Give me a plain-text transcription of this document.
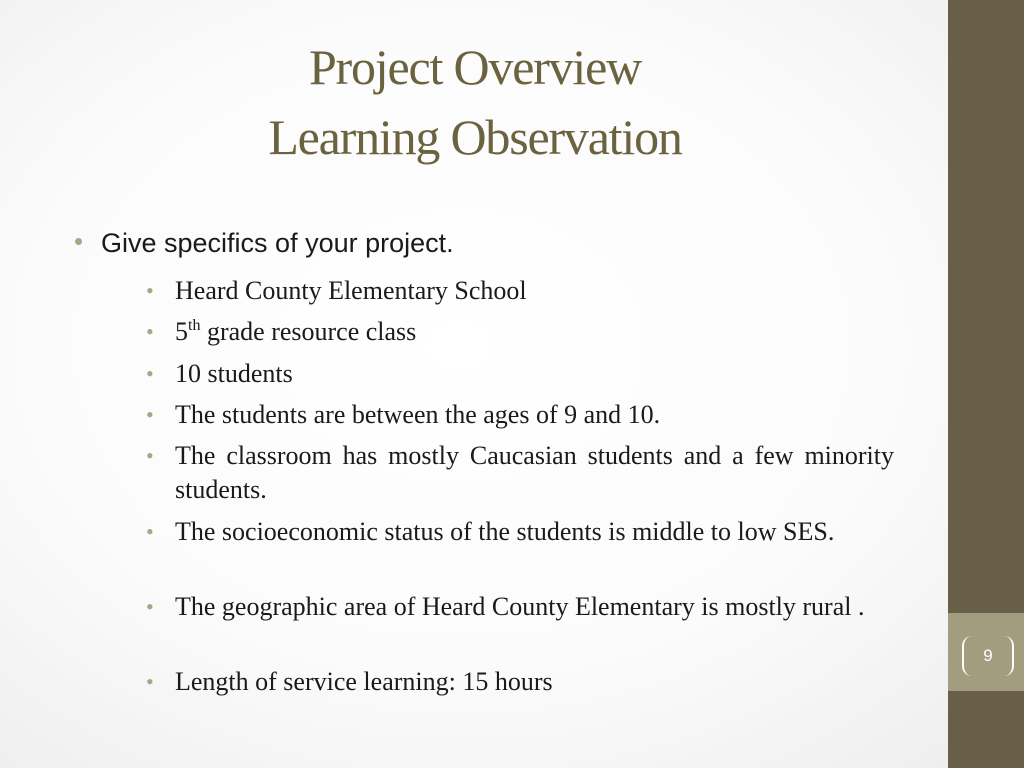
9
Project Overview
Learning Observation
• Give specifics of your project.
• Heard County Elementary School
• 5th grade resource class
• 10 students
• The students are between the ages of 9 and 10.
• The classroom has mostly Caucasian students and a few minority students.
• The socioeconomic status of the students is middle to low SES.
• The geographic area of Heard County Elementary is mostly rural .
• Length of service learning: 15 hours
